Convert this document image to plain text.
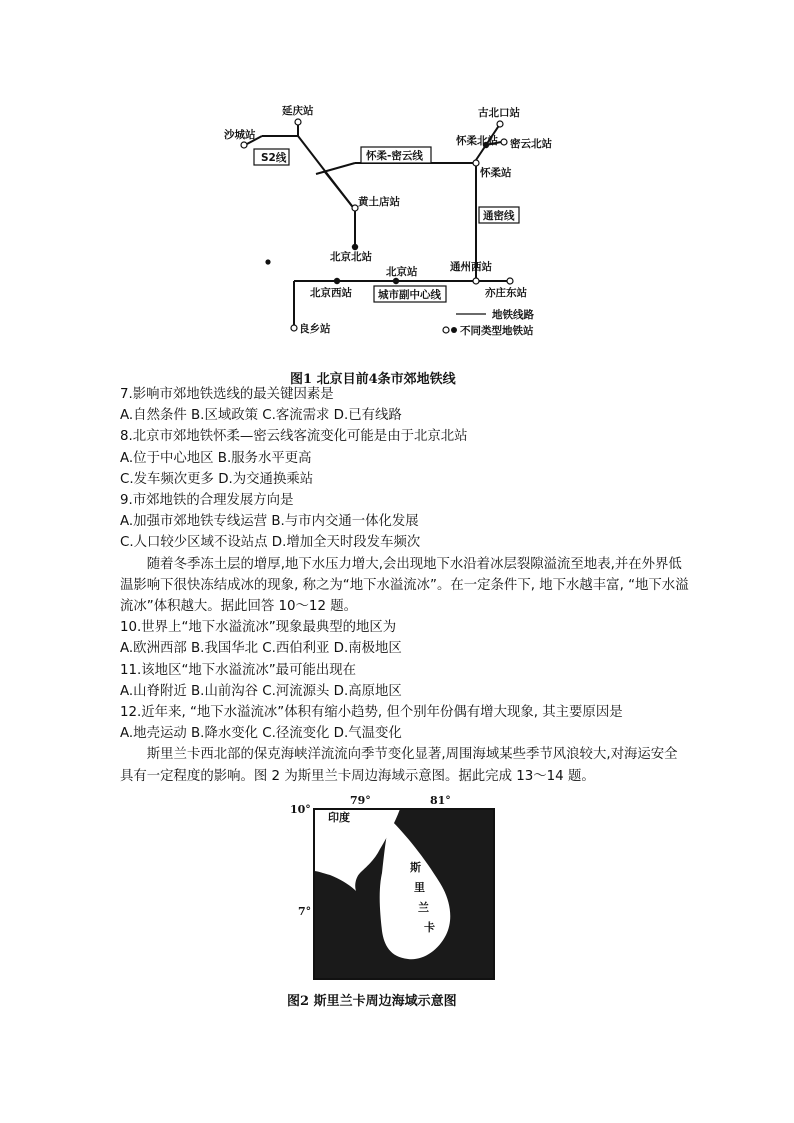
沙城站
延庆站	古北口站
怀柔北站 密云北站
怀柔站
黄土店站
北京北站
通州西站
北京站
北京西站	亦庄东站
良乡站
S2线	怀柔-密云线
通密线
城市副中心线
地铁线路
不同类型地铁站
图1 北京目前4条市郊地铁线

7.影响市郊地铁选线的最关键因素是

A.自然条件 B.区域政策 C.客流需求 D.已有线路

8.北京市郊地铁怀柔—密云线客流变化可能是由于北京北站

A.位于中心地区 B.服务水平更高

C.发车频次更多 D.为交通换乘站

9.市郊地铁的合理发展方向是

A.加强市郊地铁专线运营 B.与市内交通一体化发展

C.人口较少区域不设站点 D.增加全天时段发车频次

随着冬季冻土层的增厚,地下水压力增大,会出现地下水沿着冰层裂隙溢流至地表,并在外界低温影响下很快冻结成冰的现象, 称之为“地下水溢流冰”。在一定条件下, 地下水越丰富, “地下水溢流冰”体积越大。据此回答 10～12 题。

10.世界上“地下水溢流冰”现象最典型的地区为

A.欧洲西部 B.我国华北 C.西伯利亚 D.南极地区

11.该地区“地下水溢流冰”最可能出现在

A.山脊附近 B.山前沟谷 C.河流源头 D.高原地区

12.近年来, “地下水溢流冰”体积有缩小趋势, 但个别年份偶有增大现象, 其主要原因是

A.地壳运动 B.降水变化 C.径流变化 D.气温变化

斯里兰卡西北部的保克海峡洋流流向季节变化显著,周围海域某些季节风浪较大,对海运安全具有一定程度的影响。图 2 为斯里兰卡周边海域示意图。据此完成 13～14 题。

79°	81°
10°
7°
印度
斯
里
兰
卡
图2 斯里兰卡周边海域示意图
